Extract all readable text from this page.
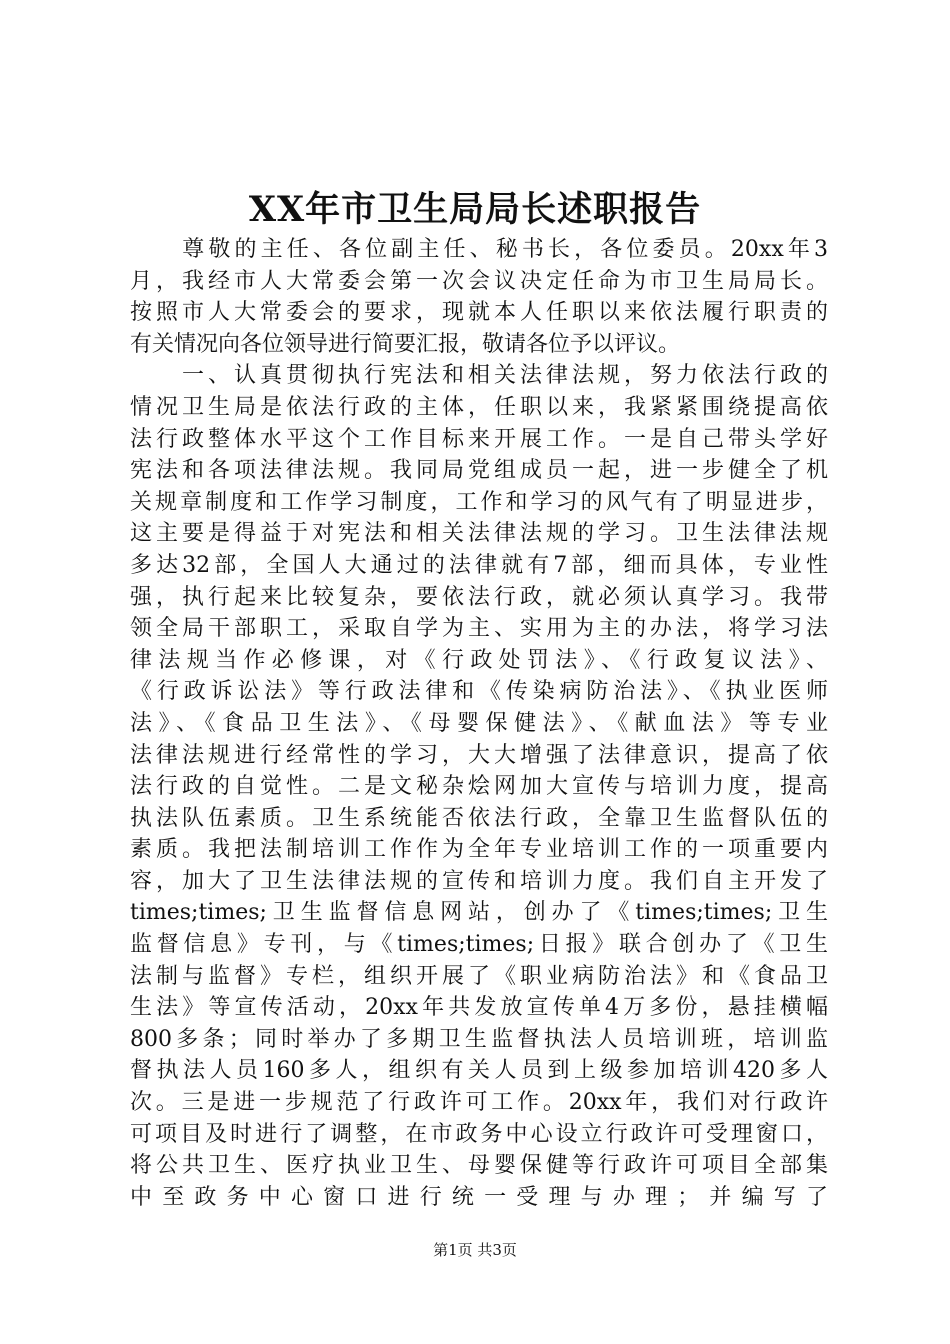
XX年市卫生局局长述职报告
　　尊敬的主任、各位副主任、秘书长，各位委员。20xx年3
月，我经市人大常委会第一次会议决定任命为市卫生局局长。
按照市人大常委会的要求，现就本人任职以来依法履行职责的
有关情况向各位领导进行简要汇报，敬请各位予以评议。
　　一、认真贯彻执行宪法和相关法律法规，努力依法行政的
情况卫生局是依法行政的主体，任职以来，我紧紧围绕提高依
法行政整体水平这个工作目标来开展工作。一是自己带头学好
宪法和各项法律法规。我同局党组成员一起，进一步健全了机
关规章制度和工作学习制度，工作和学习的风气有了明显进步，
这主要是得益于对宪法和相关法律法规的学习。卫生法律法规
多达32部，全国人大通过的法律就有7部，细而具体，专业性
强，执行起来比较复杂，要依法行政，就必须认真学习。我带
领全局干部职工，采取自学为主、实用为主的办法，将学习法
律法规当作必修课，对《行政处罚法》、《行政复议法》、
《行政诉讼法》等行政法律和《传染病防治法》、《执业医师
法》、《食品卫生法》、《母婴保健法》、《献血法》等专业
法律法规进行经常性的学习，大大增强了法律意识，提高了依
法行政的自觉性。二是文秘杂烩网加大宣传与培训力度，提高
执法队伍素质。卫生系统能否依法行政，全靠卫生监督队伍的
素质。我把法制培训工作作为全年专业培训工作的一项重要内
容，加大了卫生法律法规的宣传和培训力度。我们自主开发了
times;times;卫生监督信息网站，创办了《times;times;卫生
监督信息》专刊，与《times;times;日报》联合创办了《卫生
法制与监督》专栏，组织开展了《职业病防治法》和《食品卫
生法》等宣传活动，20xx年共发放宣传单4万多份，悬挂横幅
800多条；同时举办了多期卫生监督执法人员培训班，培训监
督执法人员160多人，组织有关人员到上级参加培训420多人
次。三是进一步规范了行政许可工作。20xx年，我们对行政许
可项目及时进行了调整，在市政务中心设立行政许可受理窗口，
将公共卫生、医疗执业卫生、母婴保健等行政许可项目全部集
中至政务中心窗口进行统一受理与办理；并编写了
第1页 共3页
